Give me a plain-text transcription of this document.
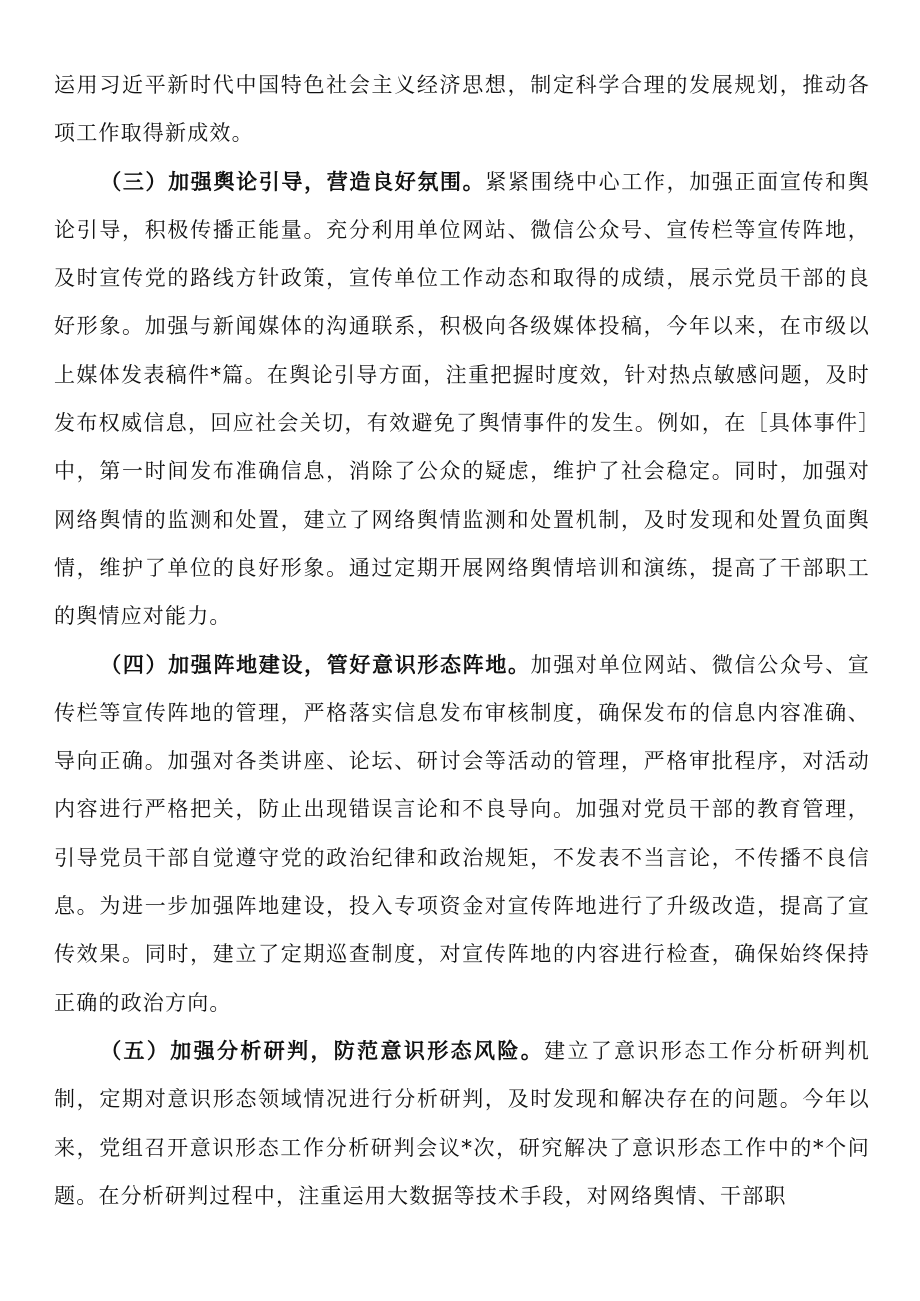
运用习近平新时代中国特色社会主义经济思想，制定科学合理的发展规划，推动各项工作取得新成效。

（三）加强舆论引导，营造良好氛围。紧紧围绕中心工作，加强正面宣传和舆论引导，积极传播正能量。充分利用单位网站、微信公众号、宣传栏等宣传阵地，及时宣传党的路线方针政策，宣传单位工作动态和取得的成绩，展示党员干部的良好形象。加强与新闻媒体的沟通联系，积极向各级媒体投稿，今年以来，在市级以上媒体发表稿件*篇。在舆论引导方面，注重把握时度效，针对热点敏感问题，及时发布权威信息，回应社会关切，有效避免了舆情事件的发生。例如，在［具体事件］中，第一时间发布准确信息，消除了公众的疑虑，维护了社会稳定。同时，加强对网络舆情的监测和处置，建立了网络舆情监测和处置机制，及时发现和处置负面舆情，维护了单位的良好形象。通过定期开展网络舆情培训和演练，提高了干部职工的舆情应对能力。

（四）加强阵地建设，管好意识形态阵地。加强对单位网站、微信公众号、宣传栏等宣传阵地的管理，严格落实信息发布审核制度，确保发布的信息内容准确、导向正确。加强对各类讲座、论坛、研讨会等活动的管理，严格审批程序，对活动内容进行严格把关，防止出现错误言论和不良导向。加强对党员干部的教育管理，引导党员干部自觉遵守党的政治纪律和政治规矩，不发表不当言论，不传播不良信息。为进一步加强阵地建设，投入专项资金对宣传阵地进行了升级改造，提高了宣传效果。同时，建立了定期巡查制度，对宣传阵地的内容进行检查，确保始终保持正确的政治方向。

（五）加强分析研判，防范意识形态风险。建立了意识形态工作分析研判机制，定期对意识形态领域情况进行分析研判，及时发现和解决存在的问题。今年以来，党组召开意识形态工作分析研判会议*次，研究解决了意识形态工作中的*个问题。在分析研判过程中，注重运用大数据等技术手段，对网络舆情、干部职
